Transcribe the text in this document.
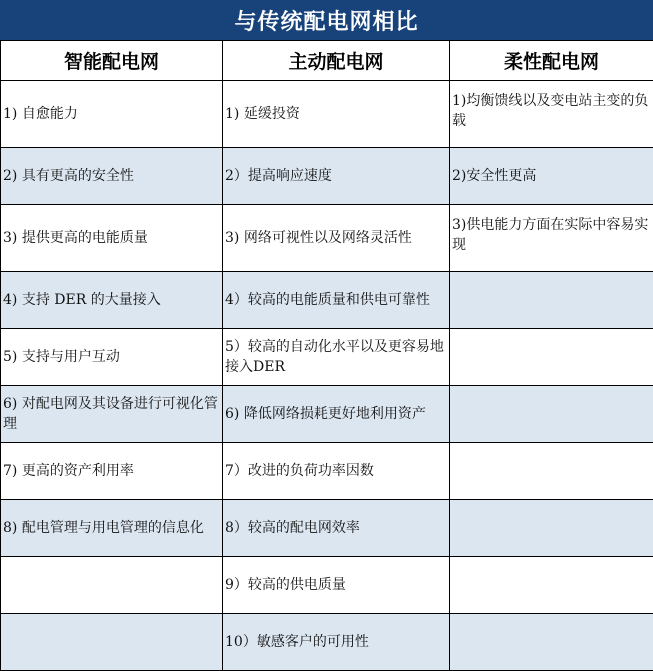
与传统配电网相比
智能配电网	主动配电网	柔性配电网
1) 自愈能力	1) 延缓投资	1)均衡馈线以及变电站主变的负载
2) 具有更高的安全性	2）提高响应速度	2)安全性更高
3) 提供更高的电能质量	3) 网络可视性以及网络灵活性	3)供电能力方面在实际中容易实现
4) 支持 DER 的大量接入	4）较高的电能质量和供电可靠性	
5) 支持与用户互动	5）较高的自动化水平以及更容易地接入DER	
6) 对配电网及其设备进行可视化管理	6) 降低网络损耗更好地利用资产	
7) 更高的资产利用率	7）改进的负荷功率因数	
8) 配电管理与用电管理的信息化	8）较高的配电网效率	
	9）较高的供电质量	
	10）敏感客户的可用性	
